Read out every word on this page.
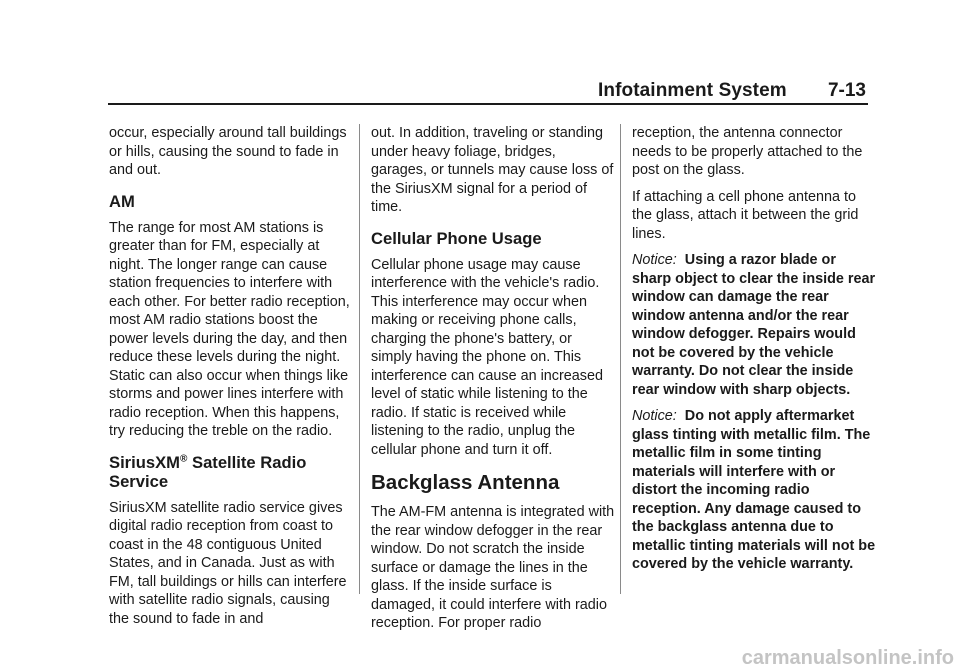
Infotainment System 7-13

occur, especially around tall buildings or hills, causing the sound to fade in and out.

AM

The range for most AM stations is greater than for FM, especially at night. The longer range can cause station frequencies to interfere with each other. For better radio reception, most AM radio stations boost the power levels during the day, and then reduce these levels during the night. Static can also occur when things like storms and power lines interfere with radio reception. When this happens, try reducing the treble on the radio.

SiriusXM® Satellite Radio Service

SiriusXM satellite radio service gives digital radio reception from coast to coast in the 48 contiguous United States, and in Canada. Just as with FM, tall buildings or hills can interfere with satellite radio signals, causing the sound to fade in and

out. In addition, traveling or standing under heavy foliage, bridges, garages, or tunnels may cause loss of the SiriusXM signal for a period of time.

Cellular Phone Usage

Cellular phone usage may cause interference with the vehicle's radio. This interference may occur when making or receiving phone calls, charging the phone's battery, or simply having the phone on. This interference can cause an increased level of static while listening to the radio. If static is received while listening to the radio, unplug the cellular phone and turn it off.

Backglass Antenna

The AM-FM antenna is integrated with the rear window defogger in the rear window. Do not scratch the inside surface or damage the lines in the glass. If the inside surface is damaged, it could interfere with radio reception. For proper radio

reception, the antenna connector needs to be properly attached to the post on the glass.

If attaching a cell phone antenna to the glass, attach it between the grid lines.

Notice: Using a razor blade or sharp object to clear the inside rear window can damage the rear window antenna and/or the rear window defogger. Repairs would not be covered by the vehicle warranty. Do not clear the inside rear window with sharp objects.

Notice: Do not apply aftermarket glass tinting with metallic film. The metallic film in some tinting materials will interfere with or distort the incoming radio reception. Any damage caused to the backglass antenna due to metallic tinting materials will not be covered by the vehicle warranty.

carmanualsonline.info
